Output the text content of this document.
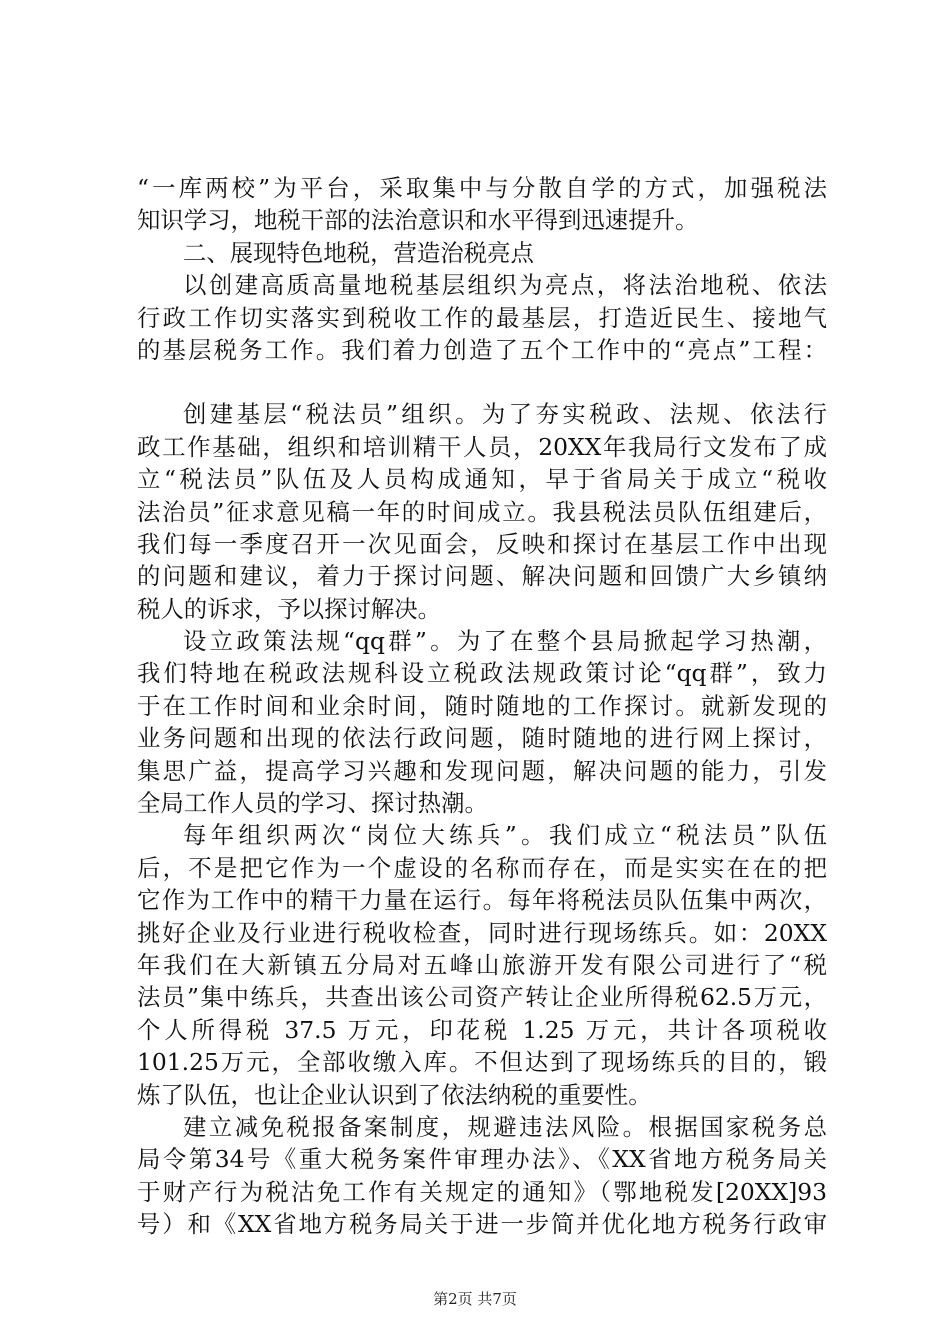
“一库两校”为平台，采取集中与分散自学的方式，加强税法
知识学习，地税干部的法治意识和水平得到迅速提升。
二、展现特色地税，营造治税亮点
以创建高质高量地税基层组织为亮点，将法治地税、依法
行政工作切实落实到税收工作的最基层，打造近民生、接地气
的基层税务工作。我们着力创造了五个工作中的“亮点”工程：
创建基层“税法员”组织。为了夯实税政、法规、依法行
政工作基础，组织和培训精干人员，20XX年我局行文发布了成
立“税法员”队伍及人员构成通知，早于省局关于成立“税收
法治员”征求意见稿一年的时间成立。我县税法员队伍组建后，
我们每一季度召开一次见面会，反映和探讨在基层工作中出现
的问题和建议，着力于探讨问题、解决问题和回馈广大乡镇纳
税人的诉求，予以探讨解决。
设立政策法规“qq群”。为了在整个县局掀起学习热潮，
我们特地在税政法规科设立税政法规政策讨论“qq群”，致力
于在工作时间和业余时间，随时随地的工作探讨。就新发现的
业务问题和出现的依法行政问题，随时随地的进行网上探讨，
集思广益，提高学习兴趣和发现问题，解决问题的能力，引发
全局工作人员的学习、探讨热潮。
每年组织两次“岗位大练兵”。我们成立“税法员”队伍
后，不是把它作为一个虚设的名称而存在，而是实实在在的把
它作为工作中的精干力量在运行。每年将税法员队伍集中两次，
挑好企业及行业进行税收检查，同时进行现场练兵。如：20XX
年我们在大新镇五分局对五峰山旅游开发有限公司进行了“税
法员”集中练兵，共查出该公司资产转让企业所得税62.5万元，
个人所得税 37.5 万元，印花税 1.25 万元，共计各项税收
101.25万元，全部收缴入库。不但达到了现场练兵的目的，锻
炼了队伍，也让企业认识到了依法纳税的重要性。
建立减免税报备案制度，规避违法风险。根据国家税务总
局令第34号《重大税务案件审理办法》、《XX省地方税务局关
于财产行为税沽免工作有关规定的通知》（鄂地税发[20XX]93
号）和《XX省地方税务局关于进一步简并优化地方税务行政审
第2页 共7页
